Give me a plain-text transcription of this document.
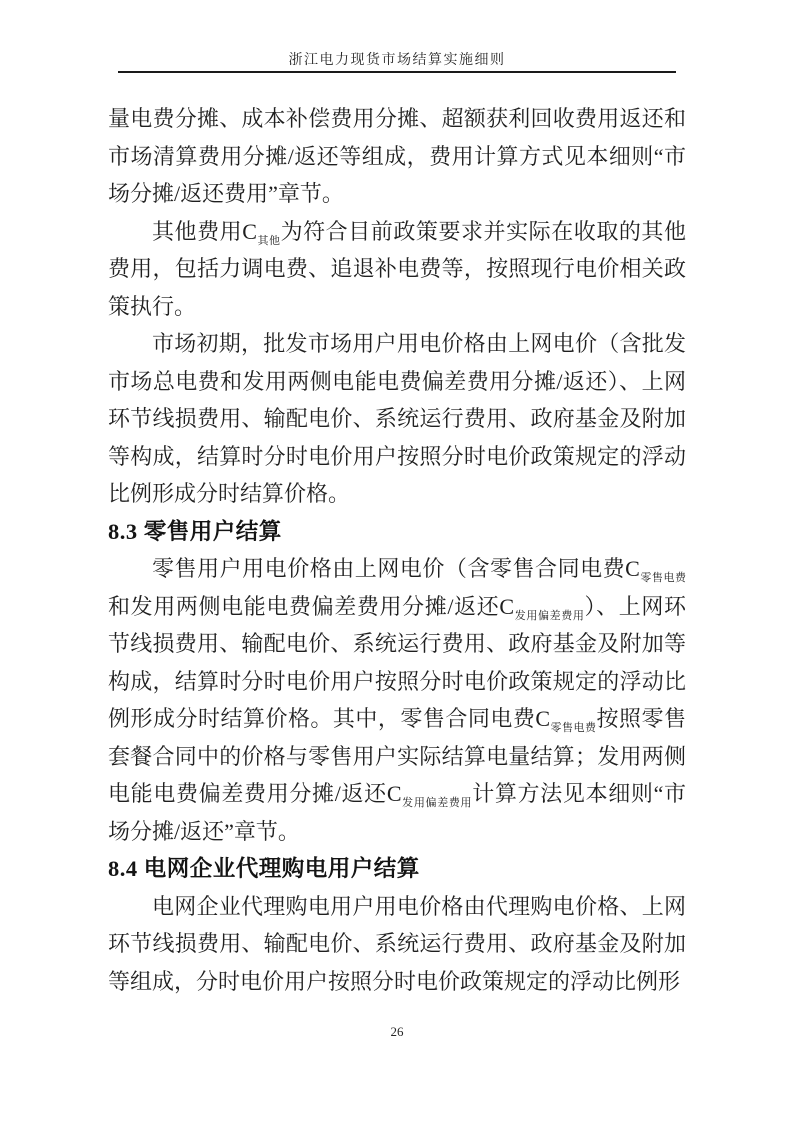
浙江电力现货市场结算实施细则

量电费分摊、成本补偿费用分摊、超额获利回收费用返还和市场清算费用分摊/返还等组成，费用计算方式见本细则“市场分摊/返还费用”章节。

其他费用$C_{其他}$为符合目前政策要求并实际在收取的其他费用，包括力调电费、追退补电费等，按照现行电价相关政策执行。

市场初期，批发市场用户用电价格由上网电价（含批发市场总电费和发用两侧电能电费偏差费用分摊/返还）、上网环节线损费用、输配电价、系统运行费用、政府基金及附加等构成，结算时分时电价用户按照分时电价政策规定的浮动比例形成分时结算价格。

8.3 零售用户结算

零售用户用电价格由上网电价（含零售合同电费$C_{零售电费}$和发用两侧电能电费偏差费用分摊/返还$C_{发用偏差费用}$）、上网环节线损费用、输配电价、系统运行费用、政府基金及附加等构成，结算时分时电价用户按照分时电价政策规定的浮动比例形成分时结算价格。其中，零售合同电费$C_{零售电费}$按照零售套餐合同中的价格与零售用户实际结算电量结算；发用两侧电能电费偏差费用分摊/返还$C_{发用偏差费用}$计算方法见本细则“市场分摊/返还”章节。

8.4 电网企业代理购电用户结算

电网企业代理购电用户用电价格由代理购电价格、上网环节线损费用、输配电价、系统运行费用、政府基金及附加等组成，分时电价用户按照分时电价政策规定的浮动比例形

26
